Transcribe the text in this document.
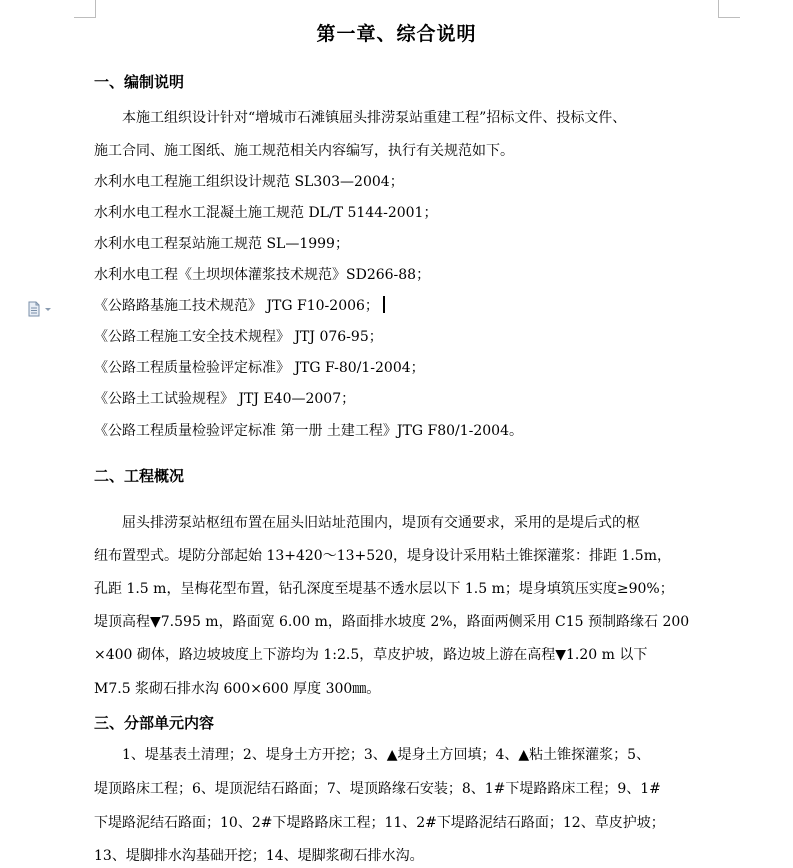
第一章、综合说明
一、编制说明
本施工组织设计针对“增城市石滩镇屈头排涝泵站重建工程”招标文件、投标文件、
施工合同、施工图纸、施工规范相关内容编写，执行有关规范如下。
水利水电工程施工组织设计规范 SL303—2004；
水利水电工程水工混凝土施工规范 DL/T 5144-2001；
水利水电工程泵站施工规范 SL—1999；
水利水电工程《土坝坝体灌浆技术规范》SD266-88；
《公路路基施工技术规范》 JTG F10-2006；
《公路工程施工安全技术规程》 JTJ 076-95；
《公路工程质量检验评定标准》 JTG F-80/1-2004；
《公路土工试验规程》 JTJ E40—2007；
《公路工程质量检验评定标准 第一册 土建工程》JTG F80/1-2004。
二、工程概况
屈头排涝泵站枢纽布置在屈头旧站址范围内，堤顶有交通要求，采用的是堤后式的枢
纽布置型式。堤防分部起始 13+420～13+520，堤身设计采用粘土锥探灌浆：排距 1.5m，
孔距 1.5 m，呈梅花型布置，钻孔深度至堤基不透水层以下 1.5 m；堤身填筑压实度≥90%；
堤顶高程▼7.595 m，路面宽 6.00 m，路面排水坡度 2%，路面两侧采用 C15 预制路缘石 200
×400 砌体，路边坡坡度上下游均为 1:2.5，草皮护坡，路边坡上游在高程▼1.20 m 以下
M7.5 浆砌石排水沟 600×600 厚度 300㎜。
三、分部单元内容
1、堤基表土清理；2、堤身土方开挖；3、▲堤身土方回填；4、▲粘土锥探灌浆；5、
堤顶路床工程；6、堤顶泥结石路面；7、堤顶路缘石安装；8、1#下堤路路床工程；9、1#
下堤路泥结石路面；10、2#下堤路路床工程；11、2#下堤路泥结石路面；12、草皮护坡；
13、堤脚排水沟基础开挖；14、堤脚浆砌石排水沟。
